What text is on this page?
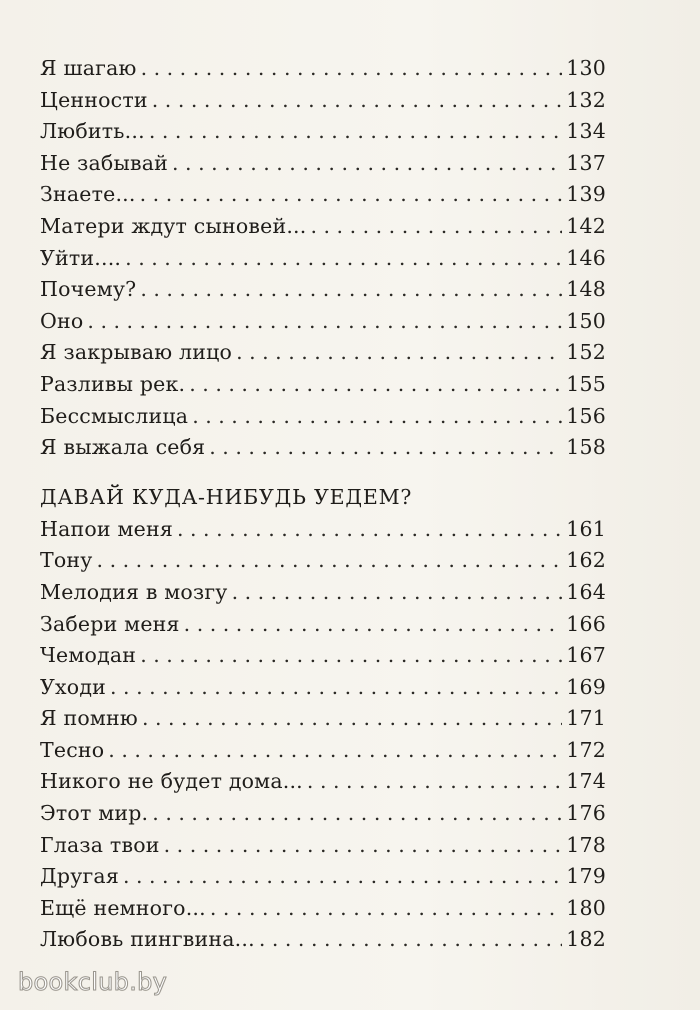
Я шагаю . . .	130
Ценности . . .	132
Любить... . . .	134
Не забывай . . .	137
Знаете... . . .	139
Матери ждут сыновей... . . .	142
Уйти.... . . .	146
Почему? . . .	148
Оно . . .	150
Я закрываю лицо . . .	152
Разливы рек. . . .	155
Бессмыслица . . .	156
Я выжала себя . . .	158
ДАВАЙ КУДА-НИБУДЬ УЕДЕМ?
Напои меня . . .	161
Тону . . .	162
Мелодия в мозгу . . .	164
Забери меня . . .	166
Чемодан . . .	167
Уходи . . .	169
Я помню . . .	171
Тесно . . .	172
Никого не будет дома... . . .	174
Этот мир. . . .	176
Глаза твои . . .	178
Другая . . .	179
Ещё немного... . . .	180
Любовь пингвина... . . .	182
bookclub.by
